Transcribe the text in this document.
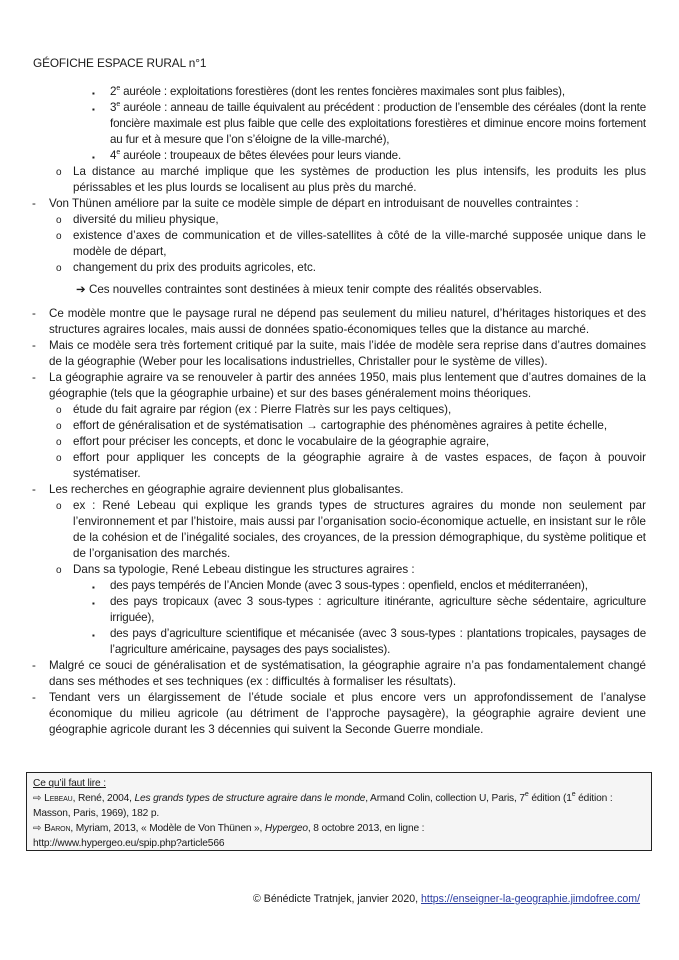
GÉOFICHE ESPACE RURAL n°1
▪ 2e auréole : exploitations forestières (dont les rentes foncières maximales sont plus faibles),
▪ 3e auréole : anneau de taille équivalent au précédent : production de l’ensemble des céréales (dont la rente foncière maximale est plus faible que celle des exploitations forestières et diminue encore moins fortement au fur et à mesure que l’on s’éloigne de la ville-marché),
▪ 4e auréole : troupeaux de bêtes élevées pour leurs viande.
o La distance au marché implique que les systèmes de production les plus intensifs, les produits les plus périssables et les plus lourds se localisent au plus près du marché.
- Von Thünen améliore par la suite ce modèle simple de départ en introduisant de nouvelles contraintes :
o diversité du milieu physique,
o existence d’axes de communication et de villes-satellites à côté de la ville-marché supposée unique dans le modèle de départ,
o changement du prix des produits agricoles, etc.
➔ Ces nouvelles contraintes sont destinées à mieux tenir compte des réalités observables.
- Ce modèle montre que le paysage rural ne dépend pas seulement du milieu naturel, d’héritages historiques et des structures agraires locales, mais aussi de données spatio-économiques telles que la distance au marché.
- Mais ce modèle sera très fortement critiqué par la suite, mais l’idée de modèle sera reprise dans d’autres domaines de la géographie (Weber pour les localisations industrielles, Christaller pour le système de villes).
- La géographie agraire va se renouveler à partir des années 1950, mais plus lentement que d’autres domaines de la géographie (tels que la géographie urbaine) et sur des bases généralement moins théoriques.
o étude du fait agraire par région (ex : Pierre Flatrès sur les pays celtiques),
o effort de généralisation et de systématisation → cartographie des phénomènes agraires à petite échelle,
o effort pour préciser les concepts, et donc le vocabulaire de la géographie agraire,
o effort pour appliquer les concepts de la géographie agraire à de vastes espaces, de façon à pouvoir systématiser.
- Les recherches en géographie agraire deviennent plus globalisantes.
o ex : René Lebeau qui explique les grands types de structures agraires du monde non seulement par l’environnement et par l’histoire, mais aussi par l’organisation socio-économique actuelle, en insistant sur le rôle de la cohésion et de l’inégalité sociales, des croyances, de la pression démographique, du système politique et de l’organisation des marchés.
o Dans sa typologie, René Lebeau distingue les structures agraires :
▪ des pays tempérés de l’Ancien Monde (avec 3 sous-types : openfield, enclos et méditerranéen),
▪ des pays tropicaux (avec 3 sous-types : agriculture itinérante, agriculture sèche sédentaire, agriculture irriguée),
▪ des pays d’agriculture scientifique et mécanisée (avec 3 sous-types : plantations tropicales, paysages de l’agriculture américaine, paysages des pays socialistes).
- Malgré ce souci de généralisation et de systématisation, la géographie agraire n’a pas fondamentalement changé dans ses méthodes et ses techniques (ex : difficultés à formaliser les résultats).
- Tendant vers un élargissement de l’étude sociale et plus encore vers un approfondissement de l’analyse économique du milieu agricole (au détriment de l’approche paysagère), la géographie agraire devient une géographie agricole durant les 3 décennies qui suivent la Seconde Guerre mondiale.
Ce qu’il faut lire :
⇨ Lebeau, René, 2004, Les grands types de structure agraire dans le monde, Armand Colin, collection U, Paris, 7e édition (1e édition : Masson, Paris, 1969), 182 p.
⇨ Baron, Myriam, 2013, « Modèle de Von Thünen », Hypergeo, 8 octobre 2013, en ligne :
http://www.hypergeo.eu/spip.php?article566
© Bénédicte Tratnjek, janvier 2020, https://enseigner-la-geographie.jimdofree.com/
